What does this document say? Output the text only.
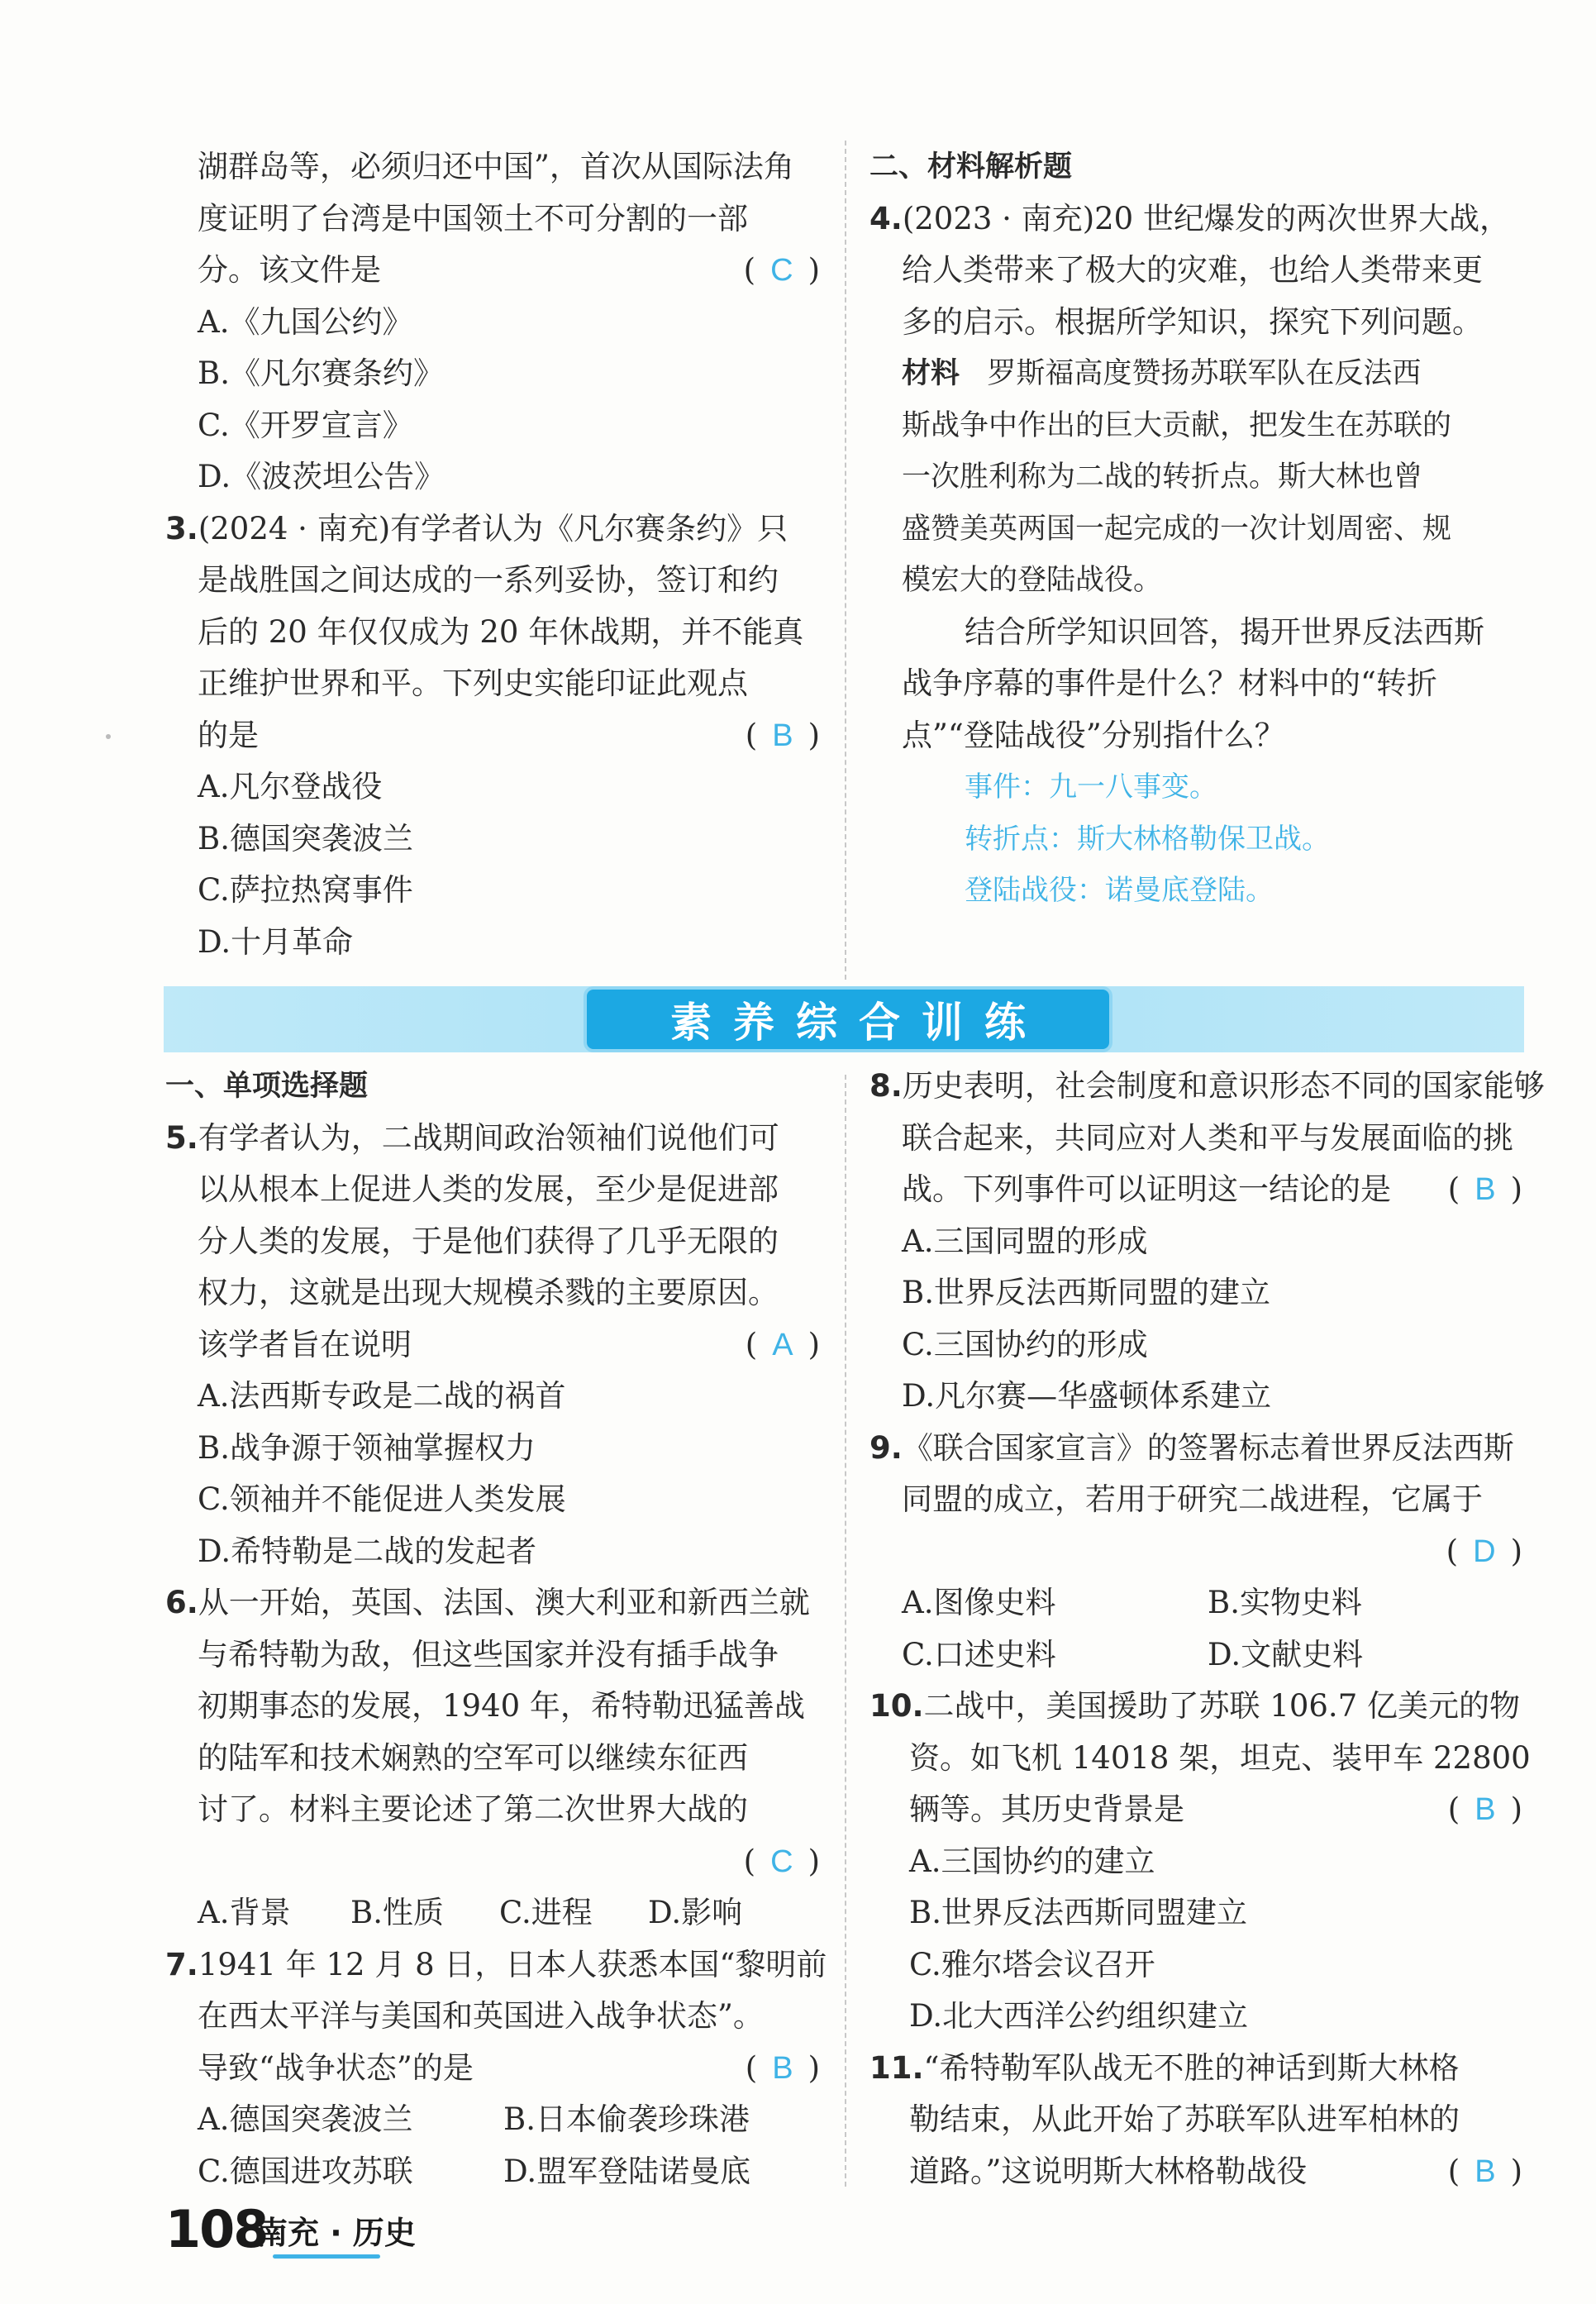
湖群岛等，必须归还中国”，首次从国际法角
度证明了台湾是中国领土不可分割的一部
分。该文件是	( C )
A.《九国公约》
B.《凡尔赛条约》
C.《开罗宣言》
D.《波茨坦公告》
3.(2024 · 南充)有学者认为《凡尔赛条约》只
是战胜国之间达成的一系列妥协，签订和约
后的 20 年仅仅成为 20 年休战期，并不能真
正维护世界和平。下列史实能印证此观点
的是	( B )
A.凡尔登战役
B.德国突袭波兰
C.萨拉热窝事件
D.十月革命
二、材料解析题
4.(2023 · 南充)20 世纪爆发的两次世界大战，
给人类带来了极大的灾难，也给人类带来更
多的启示。根据所学知识，探究下列问题。
材料 罗斯福高度赞扬苏联军队在反法西
斯战争中作出的巨大贡献，把发生在苏联的
一次胜利称为二战的转折点。斯大林也曾
盛赞美英两国一起完成的一次计划周密、规
模宏大的登陆战役。
结合所学知识回答，揭开世界反法西斯
战争序幕的事件是什么？材料中的“转折
点”“登陆战役”分别指什么？
事件：九一八事变。
转折点：斯大林格勒保卫战。
登陆战役：诺曼底登陆。
素养综合训练
一、单项选择题
5.有学者认为，二战期间政治领袖们说他们可
以从根本上促进人类的发展，至少是促进部
分人类的发展，于是他们获得了几乎无限的
权力，这就是出现大规模杀戮的主要原因。
该学者旨在说明	( A )
A.法西斯专政是二战的祸首
B.战争源于领袖掌握权力
C.领袖并不能促进人类发展
D.希特勒是二战的发起者
6.从一开始，英国、法国、澳大利亚和新西兰就
与希特勒为敌，但这些国家并没有插手战争
初期事态的发展，1940 年，希特勒迅猛善战
的陆军和技术娴熟的空军可以继续东征西
讨了。材料主要论述了第二次世界大战的
( C )
A.背景 B.性质 C.进程 D.影响
7.1941 年 12 月 8 日，日本人获悉本国“黎明前
在西太平洋与美国和英国进入战争状态”。
导致“战争状态”的是	( B )
A.德国突袭波兰	B.日本偷袭珍珠港
C.德国进攻苏联	D.盟军登陆诺曼底
8.历史表明，社会制度和意识形态不同的国家能够
联合起来，共同应对人类和平与发展面临的挑
战。下列事件可以证明这一结论的是 ( B )
A.三国同盟的形成
B.世界反法西斯同盟的建立
C.三国协约的形成
D.凡尔赛—华盛顿体系建立
9.《联合国家宣言》的签署标志着世界反法西斯
同盟的成立，若用于研究二战进程，它属于
( D )
A.图像史料	B.实物史料
C.口述史料	D.文献史料
10.二战中，美国援助了苏联 106.7 亿美元的物
资。如飞机 14018 架，坦克、装甲车 22800
辆等。其历史背景是	( B )
A.三国协约的建立
B.世界反法西斯同盟建立
C.雅尔塔会议召开
D.北大西洋公约组织建立
11.“希特勒军队战无不胜的神话到斯大林格
勒结束，从此开始了苏联军队进军柏林的
道路。”这说明斯大林格勒战役	( B )
108
南充 · 历史
